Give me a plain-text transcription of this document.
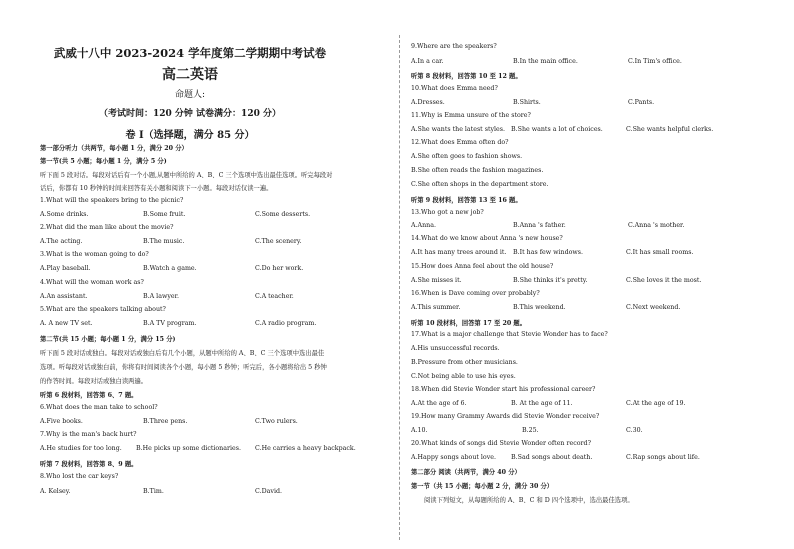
武威十八中 2023-2024 学年度第二学期期中考试卷
高二英语
命题人:
（考试时间：120 分钟 试卷满分：120 分）
卷 I（选择题，满分 85 分）
第一部分听力（共两节，每小题 1 分，满分 20 分）
第一节(共 5 小题；每小题 1 分，满分 5 分)
听下面 5 段对话。每段对话后有一个小题,从题中所给的 A、B、C 三个选项中选出最佳选项。听完每段对
话后，你都有 10 秒钟的时间来回答有关小题和阅读下一小题。每段对话仅读一遍。
1.What will the speakers bring to the picnic?
A.Some drinks.	B.Some fruit.	C.Some desserts.
2.What did the man like about the movie?
A.The acting.	B.The music.	C.The scenery.
3.What is the woman going to do?
A.Play baseball.	B.Watch a game.	C.Do her work.
4.What will the woman work as?
A.An assistant.	B.A lawyer.	C.A teacher.
5.What are the speakers talking about?
A. A new TV set.	B.A TV program.	C.A radio program.
第二节(共 15 小题；每小题 1 分，满分 15 分)
听下面 5 段对话或独白。每段对话或独白后有几个小题，从题中所给的 A、B、C 三个选项中选出最佳
选项。听每段对话或独白前，你将有时间阅读各个小题，每小题 5 秒钟；听完后，各小题将给出 5 秒钟
的作答时间。每段对话或独白读两遍。
听第 6 段材料，回答第 6、7 题。
6.What does the man take to school?
A.Five books.	B.Three pens.	C.Two rulers.
7.Why is the man's back hurt?
A.He studies for too long. B.He picks up some dictionaries. C.He carries a heavy backpack.
听第 7 段材料，回答第 8、9 题。
8.Who lost the car keys?
A. Kelsey.	B.Tim.	C.David.
9.Where are the speakers?
A.In a car.	B.In the main office.	C.In Tim's office.
听第 8 段材料，回答第 10 至 12 题。
10.What does Emma need?
A.Dresses.	B.Shirts.	C.Pants.
11.Why is Emma unsure of the store?
A.She wants the latest styles. B.She wants a lot of choices.	C.She wants helpful clerks.
12.What does Emma often do?
A.She often goes to fashion shows.
B.She often reads the fashion magazines.
C.She often shops in the department store.
听第 9 段材料，回答第 13 至 16 题。
13.Who got a new job?
A.Anna.	B.Anna 's father.	C.Anna 's mother.
14.What do we know about Anna 's new house?
A.It has many trees around it. B.It has few windows.	C.It has small rooms.
15.How does Anna feel about the old house?
A.She misses it.	B.She thinks it's pretty.	C.She loves it the most.
16.When is Dave coming over probably?
A.This summer.	B.This weekend.	C.Next weekend.
听第 10 段材料，回答第 17 至 20 题。
17.What is a major challenge that Stevie Wonder has to face?
A.His unsuccessful records.
B.Pressure from other musicians.
C.Not being able to use his eyes.
18.When did Stevie Wonder start his professional career?
A.At the age of 6.	B. At the age of 11.	C.At the age of 19.
19.How many Grammy Awards did Stevie Wonder receive?
A.10.	B.25.	C.30.
20.What kinds of songs did Stevie Wonder often record?
A.Happy songs about love. B.Sad songs about death.	C.Rap songs about life.
第二部分 阅读（共两节，满分 40 分）
第一节（共 15 小题；每小题 2 分，满分 30 分）
阅读下列短文，从每题所给的 A、B、C 和 D 四个选项中，选出最佳选项。
